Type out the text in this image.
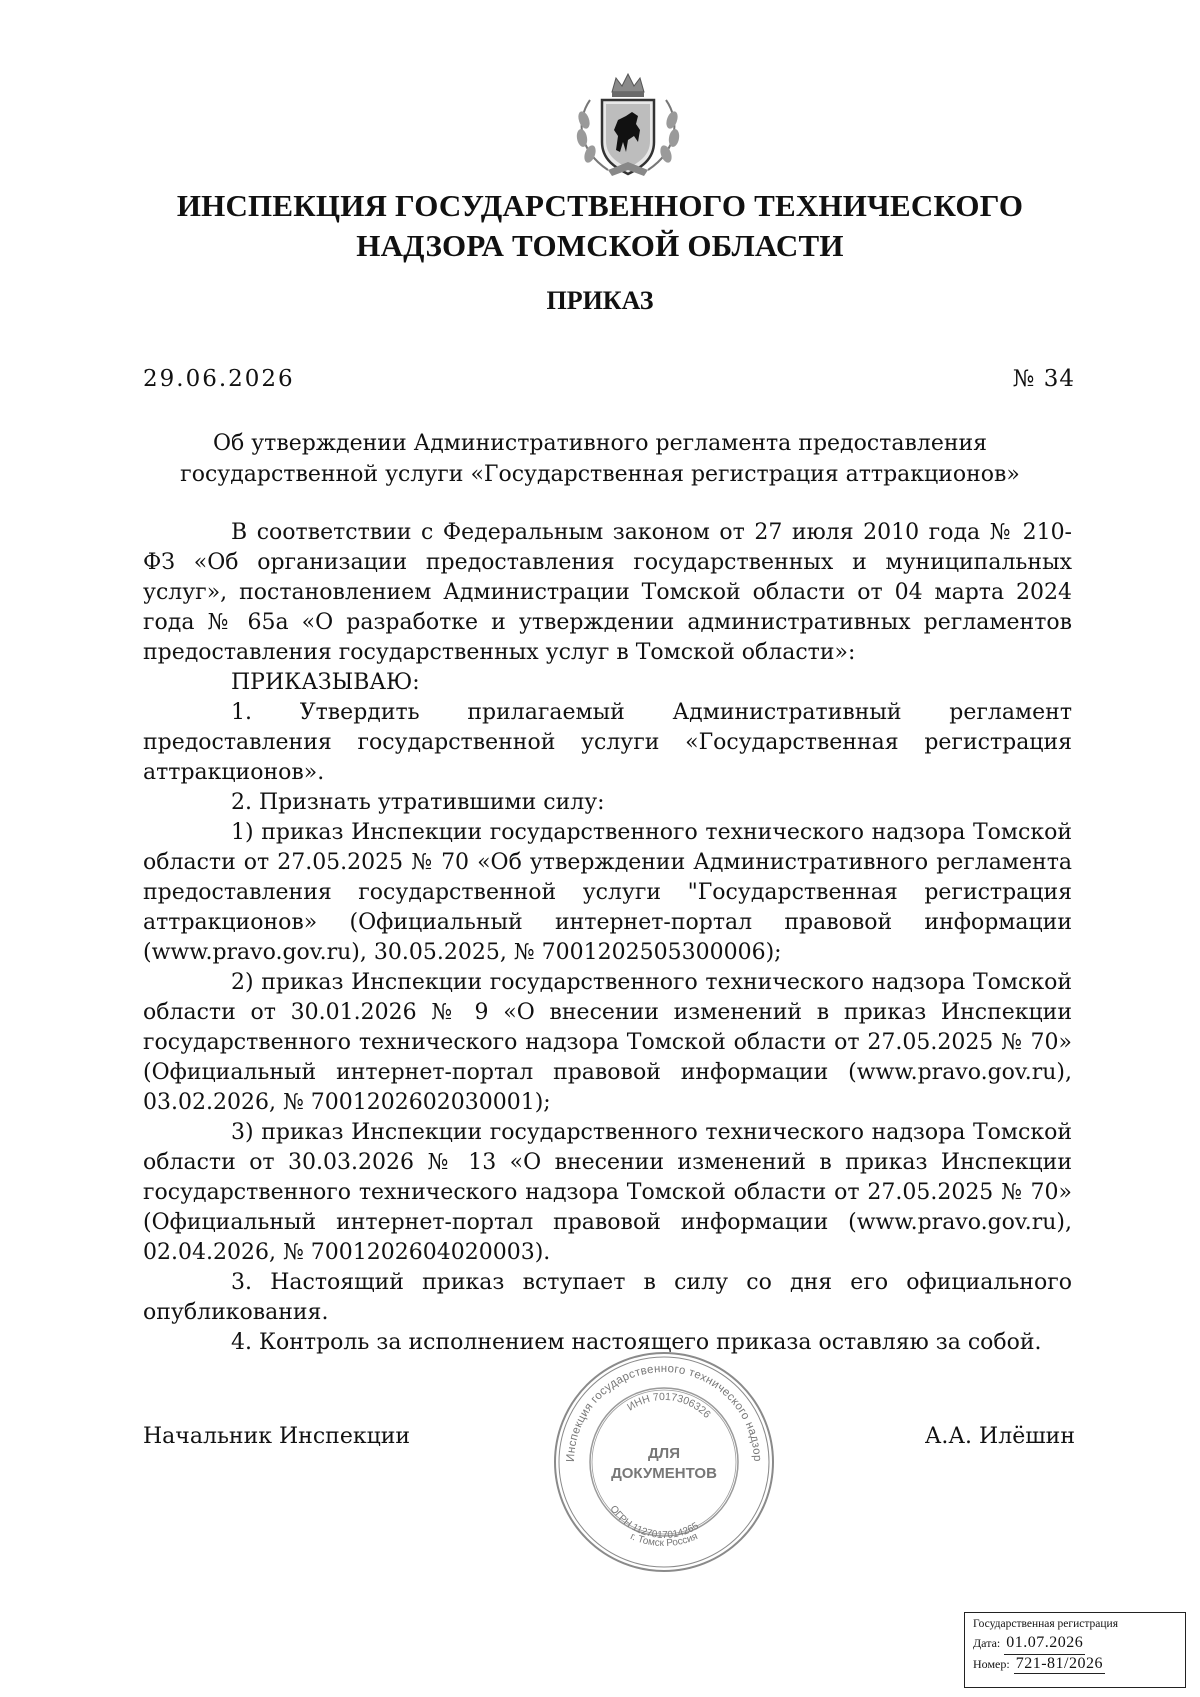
ИНСПЕКЦИЯ ГОСУДАРСТВЕННОГО ТЕХНИЧЕСКОГО
НАДЗОРА ТОМСКОЙ ОБЛАСТИ
ПРИКАЗ
29.06.2026	№ 34
Об утверждении Административного регламента предоставления
государственной услуги «Государственная регистрация аттракционов»

В соответствии с Федеральным законом от 27 июля 2010 года № 210-ФЗ «Об организации предоставления государственных и муниципальных услуг», постановлением Администрации Томской области от 04 марта 2024 года № 65а «О разработке и утверждении административных регламентов предоставления государственных услуг в Томской области»:

ПРИКАЗЫВАЮ:

1. Утвердить прилагаемый Административный регламент предоставления государственной услуги «Государственная регистрация аттракционов».

2. Признать утратившими силу:

1) приказ Инспекции государственного технического надзора Томской области от 27.05.2025 № 70 «Об утверждении Административного регламента предоставления государственной услуги "Государственная регистрация аттракционов» (Официальный интернет-портал правовой информации (www.pravo.gov.ru), 30.05.2025, № 7001202505300006);

2) приказ Инспекции государственного технического надзора Томской области от 30.01.2026 № 9 «О внесении изменений в приказ Инспекции государственного технического надзора Томской области от 27.05.2025 № 70» (Официальный интернет-портал правовой информации (www.pravo.gov.ru), 03.02.2026, № 7001202602030001);

3) приказ Инспекции государственного технического надзора Томской области от 30.03.2026 № 13 «О внесении изменений в приказ Инспекции государственного технического надзора Томской области от 27.05.2025 № 70» (Официальный интернет-портал правовой информации (www.pravo.gov.ru), 02.04.2026, № 7001202604020003).

3. Настоящий приказ вступает в силу со дня его официального опубликования.

4. Контроль за исполнением настоящего приказа оставляю за собой.

Начальник Инспекции	А.А. Илёшин
Инспекция государственного технического надзор
ИНН 7017306326
ДЛЯ
ДОКУМЕНТОВ
ОГРН 1127017014265
г. Томск Россия
Государственная регистрация
Дата: 01.07.2026
Номер: 721-81/2026
